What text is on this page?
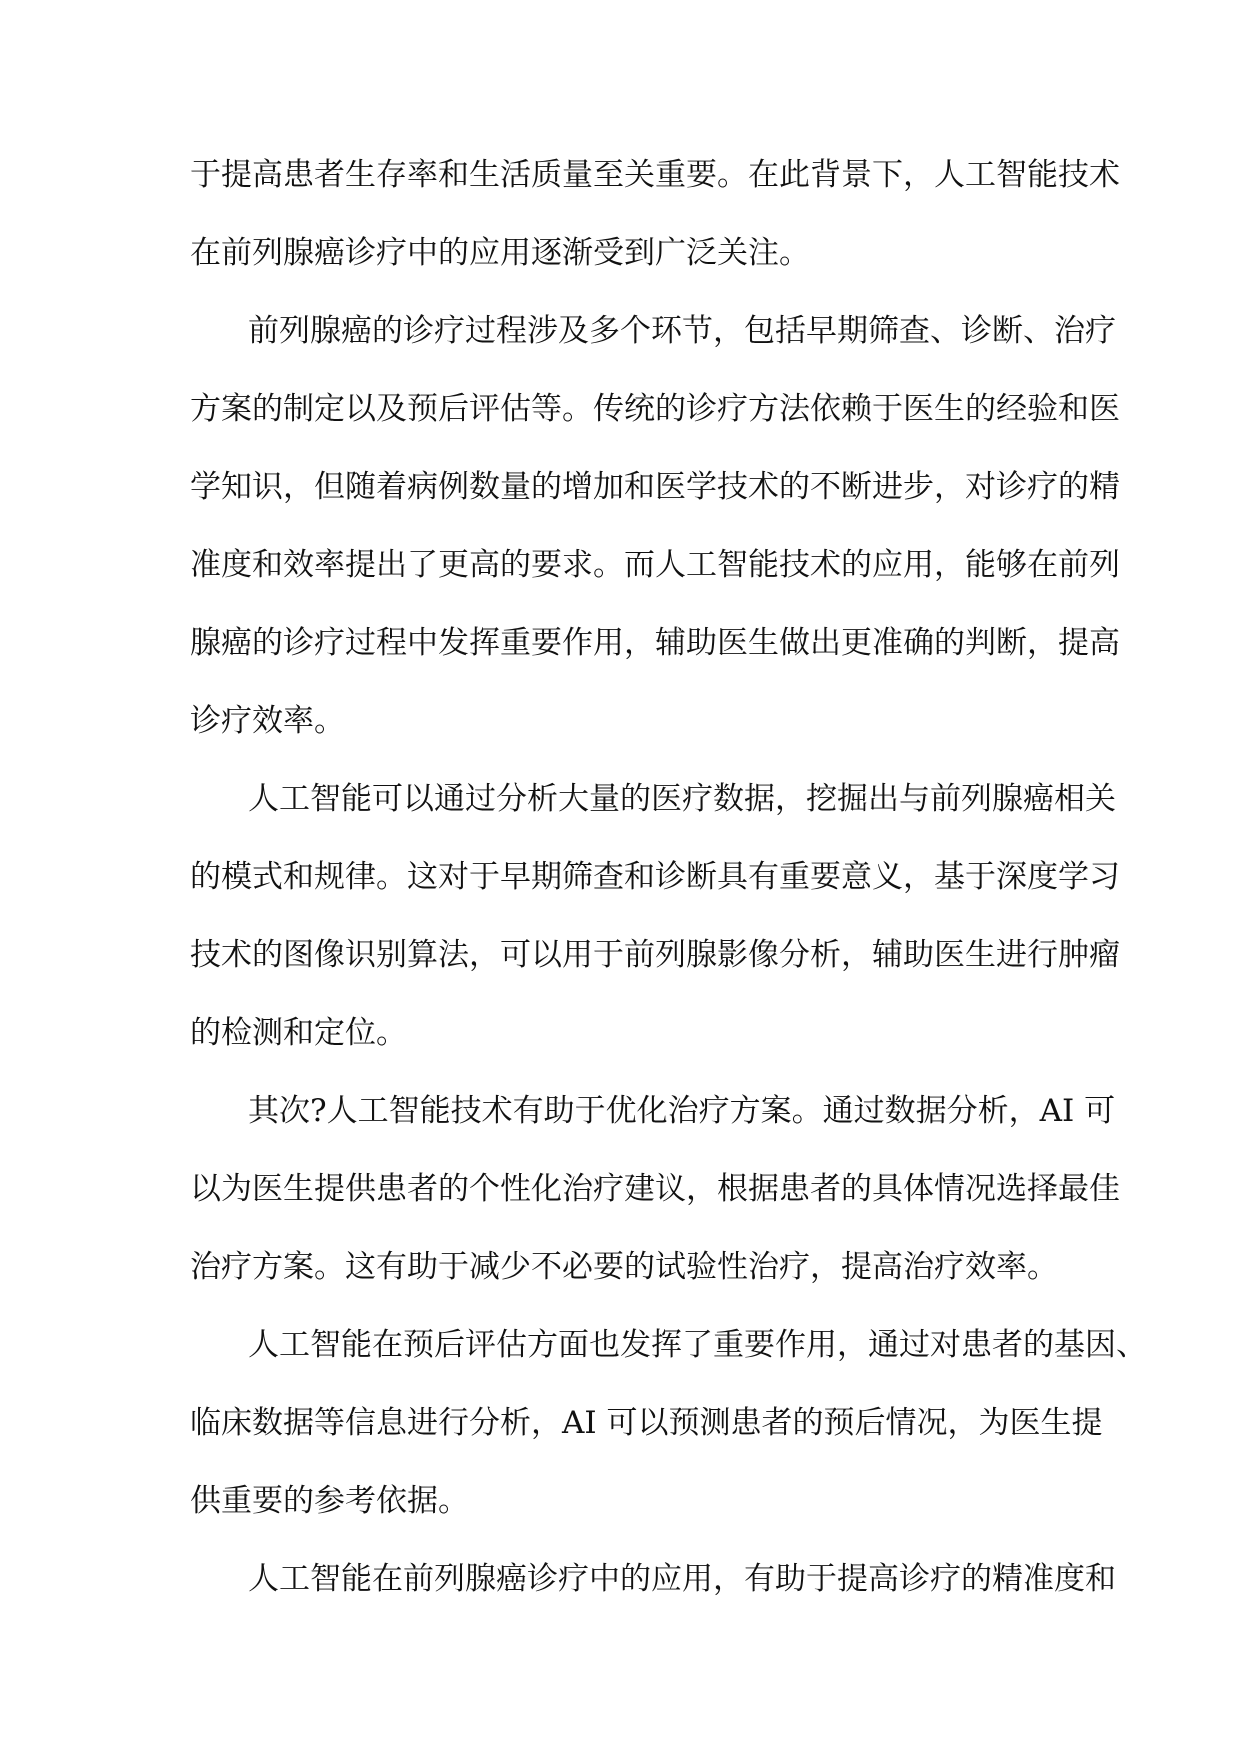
于提高患者生存率和生活质量至关重要。在此背景下，人工智能技术
在前列腺癌诊疗中的应用逐渐受到广泛关注。
前列腺癌的诊疗过程涉及多个环节，包括早期筛查、诊断、治疗
方案的制定以及预后评估等。传统的诊疗方法依赖于医生的经验和医
学知识，但随着病例数量的增加和医学技术的不断进步，对诊疗的精
准度和效率提出了更高的要求。而人工智能技术的应用，能够在前列
腺癌的诊疗过程中发挥重要作用，辅助医生做出更准确的判断，提高
诊疗效率。
人工智能可以通过分析大量的医疗数据，挖掘出与前列腺癌相关
的模式和规律。这对于早期筛查和诊断具有重要意义，基于深度学习
技术的图像识别算法，可以用于前列腺影像分析，辅助医生进行肿瘤
的检测和定位。
其次?人工智能技术有助于优化治疗方案。通过数据分析，AI 可
以为医生提供患者的个性化治疗建议，根据患者的具体情况选择最佳
治疗方案。这有助于减少不必要的试验性治疗，提高治疗效率。
人工智能在预后评估方面也发挥了重要作用，通过对患者的基因、
临床数据等信息进行分析，AI 可以预测患者的预后情况，为医生提
供重要的参考依据。
人工智能在前列腺癌诊疗中的应用，有助于提高诊疗的精准度和
